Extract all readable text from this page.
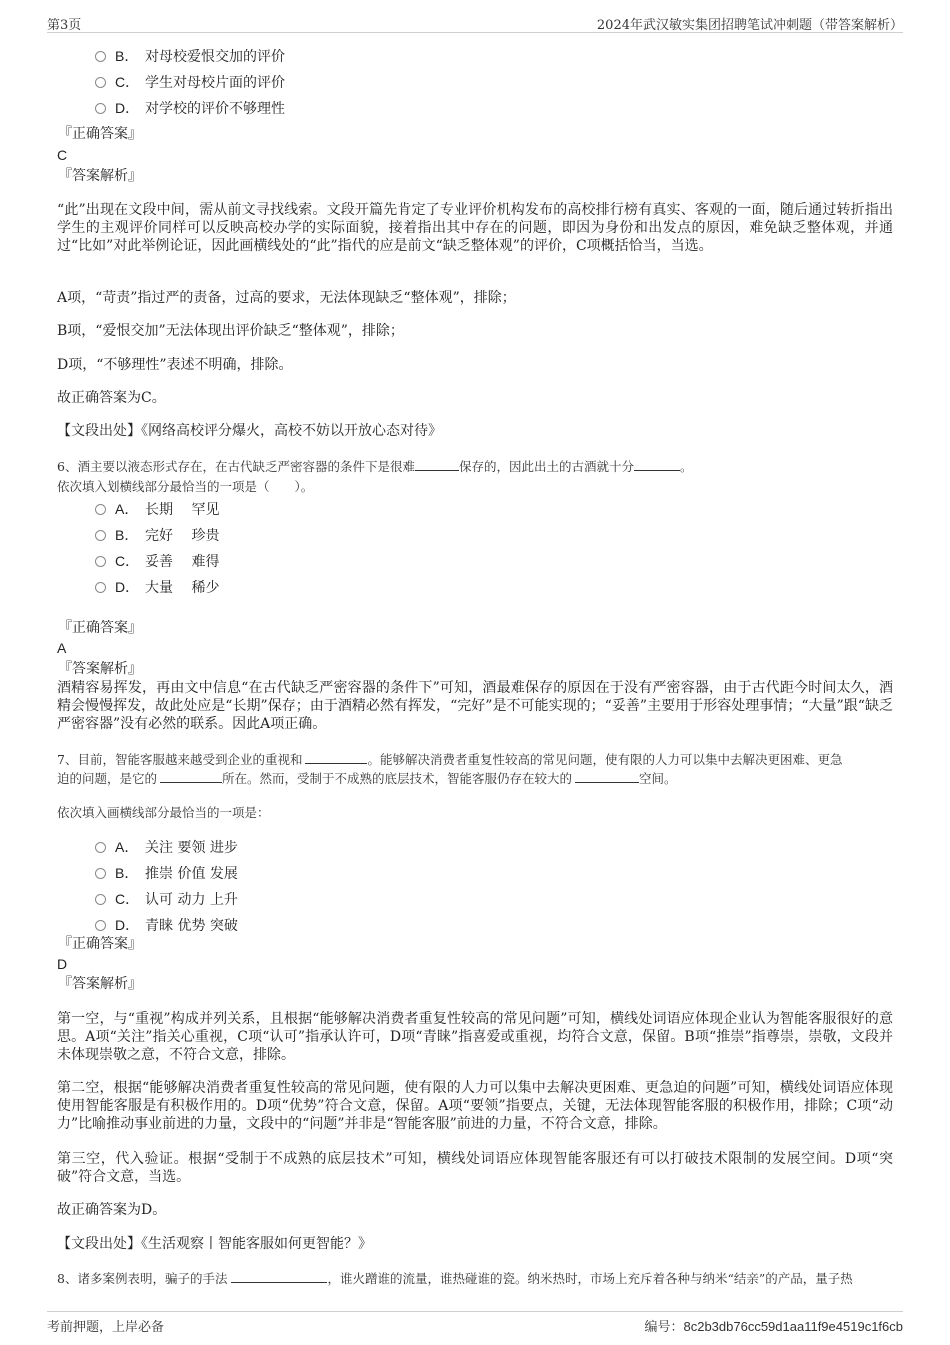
第3页	2024年武汉敏实集团招聘笔试冲刺题（带答案解析）
B． 对母校爱恨交加的评价
C． 学生对母校片面的评价
D． 对学校的评价不够理性
『正确答案』
C
『答案解析』
“此”出现在文段中间，需从前文寻找线索。文段开篇先肯定了专业评价机构发布的高校排行榜有真实、客观的一面，随后通过转折指出学生的主观评价同样可以反映高校办学的实际面貌，接着指出其中存在的问题，即因为身份和出发点的原因，难免缺乏整体观，并通过“比如”对此举例论证，因此画横线处的“此”指代的应是前文“缺乏整体观”的评价，C项概括恰当，当选。
A项，“苛责”指过严的责备，过高的要求，无法体现缺乏“整体观”，排除；
B项，“爱恨交加”无法体现出评价缺乏“整体观”，排除；
D项，“不够理性”表述不明确，排除。
故正确答案为C。
【文段出处】《网络高校评分爆火，高校不妨以开放心态对待》
6、酒主要以液态形式存在，在古代缺乏严密容器的条件下是很难	保存的，因此出土的古酒就十分	。
依次填入划横线部分最恰当的一项是（　　）。
A． 长期　 罕见
B． 完好　 珍贵
C． 妥善　 难得
D． 大量　 稀少
『正确答案』
A
『答案解析』
酒精容易挥发，再由文中信息“在古代缺乏严密容器的条件下”可知，酒最难保存的原因在于没有严密容器，由于古代距今时间太久，酒精会慢慢挥发，故此处应是“长期”保存；由于酒精必然有挥发，“完好”是不可能实现的；“妥善”主要用于形容处理事情；“大量”跟“缺乏严密容器”没有必然的联系。因此A项正确。
7、目前，智能客服越来越受到企业的重视和	。能够解决消费者重复性较高的常见问题，使有限的人力可以集中去解决更困难、更急
迫的问题，是它的	所在。然而，受制于不成熟的底层技术，智能客服仍存在较大的	空间。
依次填入画横线部分最恰当的一项是：
A． 关注 要领 进步
B． 推崇 价值 发展
C． 认可 动力 上升
D． 青睐 优势 突破
『正确答案』
D
『答案解析』
第一空，与“重视”构成并列关系，且根据“能够解决消费者重复性较高的常见问题”可知，横线处词语应体现企业认为智能客服很好的意思。A项“关注”指关心重视，C项“认可”指承认许可，D项“青睐”指喜爱或重视，均符合文意，保留。B项“推崇”指尊崇，崇敬，文段并未体现崇敬之意，不符合文意，排除。
第二空，根据“能够解决消费者重复性较高的常见问题，使有限的人力可以集中去解决更困难、更急迫的问题”可知，横线处词语应体现使用智能客服是有积极作用的。D项“优势”符合文意，保留。A项“要领”指要点，关键，无法体现智能客服的积极作用，排除；C项“动力”比喻推动事业前进的力量，文段中的“问题”并非是“智能客服”前进的力量，不符合文意，排除。
第三空，代入验证。根据“受制于不成熟的底层技术”可知，横线处词语应体现智能客服还有可以打破技术限制的发展空间。D项“突破”符合文意，当选。
故正确答案为D。
【文段出处】《生活观察丨智能客服如何更智能？》
8、诸多案例表明，骗子的手法	，谁火蹭谁的流量，谁热碰谁的瓷。纳米热时，市场上充斥着各种与纳米“结亲”的产品，量子热
考前押题，上岸必备	编号：8c2b3db76cc59d1aa11f9e4519c1f6cb
